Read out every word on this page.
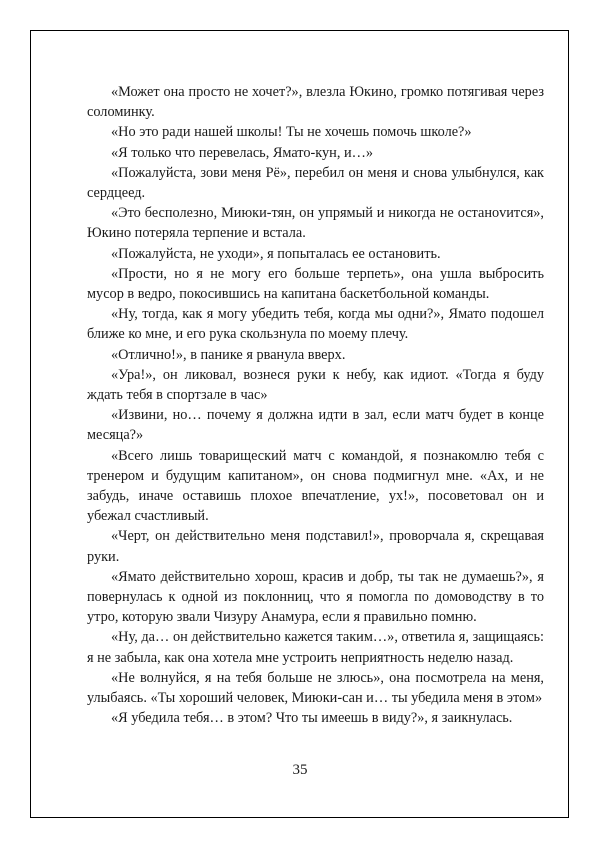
«Может она просто не хочет?», влезла Юкино, громко потягивая через соломинку.

«Но это ради нашей школы! Ты не хочешь помочь школе?»

«Я только что перевелась, Ямато-кун, и…»

«Пожалуйста, зови меня Рё», перебил он меня и снова улыбнулся, как сердцеед.

«Это бесполезно, Миюки-тян, он упрямый и никогда не останоvится», Юкино потеряла терпение и встала.

«Пожалуйста, не уходи», я попыталась ее остановить.

«Прости, но я не могу его больше терпеть», она ушла выбросить мусор в ведро, покосившись на капитана баскетбольной команды.

«Ну, тогда, как я могу убедить тебя, когда мы одни?», Ямато подошел ближе ко мне, и его рука скользнула по моему плечу.

«Отлично!», в панике я рванула вверх.

«Ура!», он ликовал, вознеся руки к небу, как идиот. «Тогда я буду ждать тебя в спортзале в час»

«Извини, но… почему я должна идти в зал, если матч будет в конце месяца?»

«Всего лишь товарищеский матч с командой, я познакомлю тебя с тренером и будущим капитаном», он снова подмигнул мне. «Ах, и не забудь, иначе оставишь плохое впечатление, ух!», посоветовал он и убежал счастливый.

«Черт, он действительно меня подставил!», проворчала я, скрещавая руки.

«Ямато действительно хорош, красив и добр, ты так не думаешь?», я повернулась к одной из поклонниц, что я помогла по домоводству в то утро, которую звали Чизуру Анамура, если я правильно помню.

«Ну, да… он действительно кажется таким…», ответила я, защищаясь: я не забыла, как она хотела мне устроить неприятность неделю назад.

«Не волнуйся, я на тебя больше не злюсь», она посмотрела на меня, улыбаясь. «Ты хороший человек, Миюки-сан и… ты убедила меня в этом»

«Я убедила тебя… в этом? Что ты имеешь в виду?», я заикнулась.

35
